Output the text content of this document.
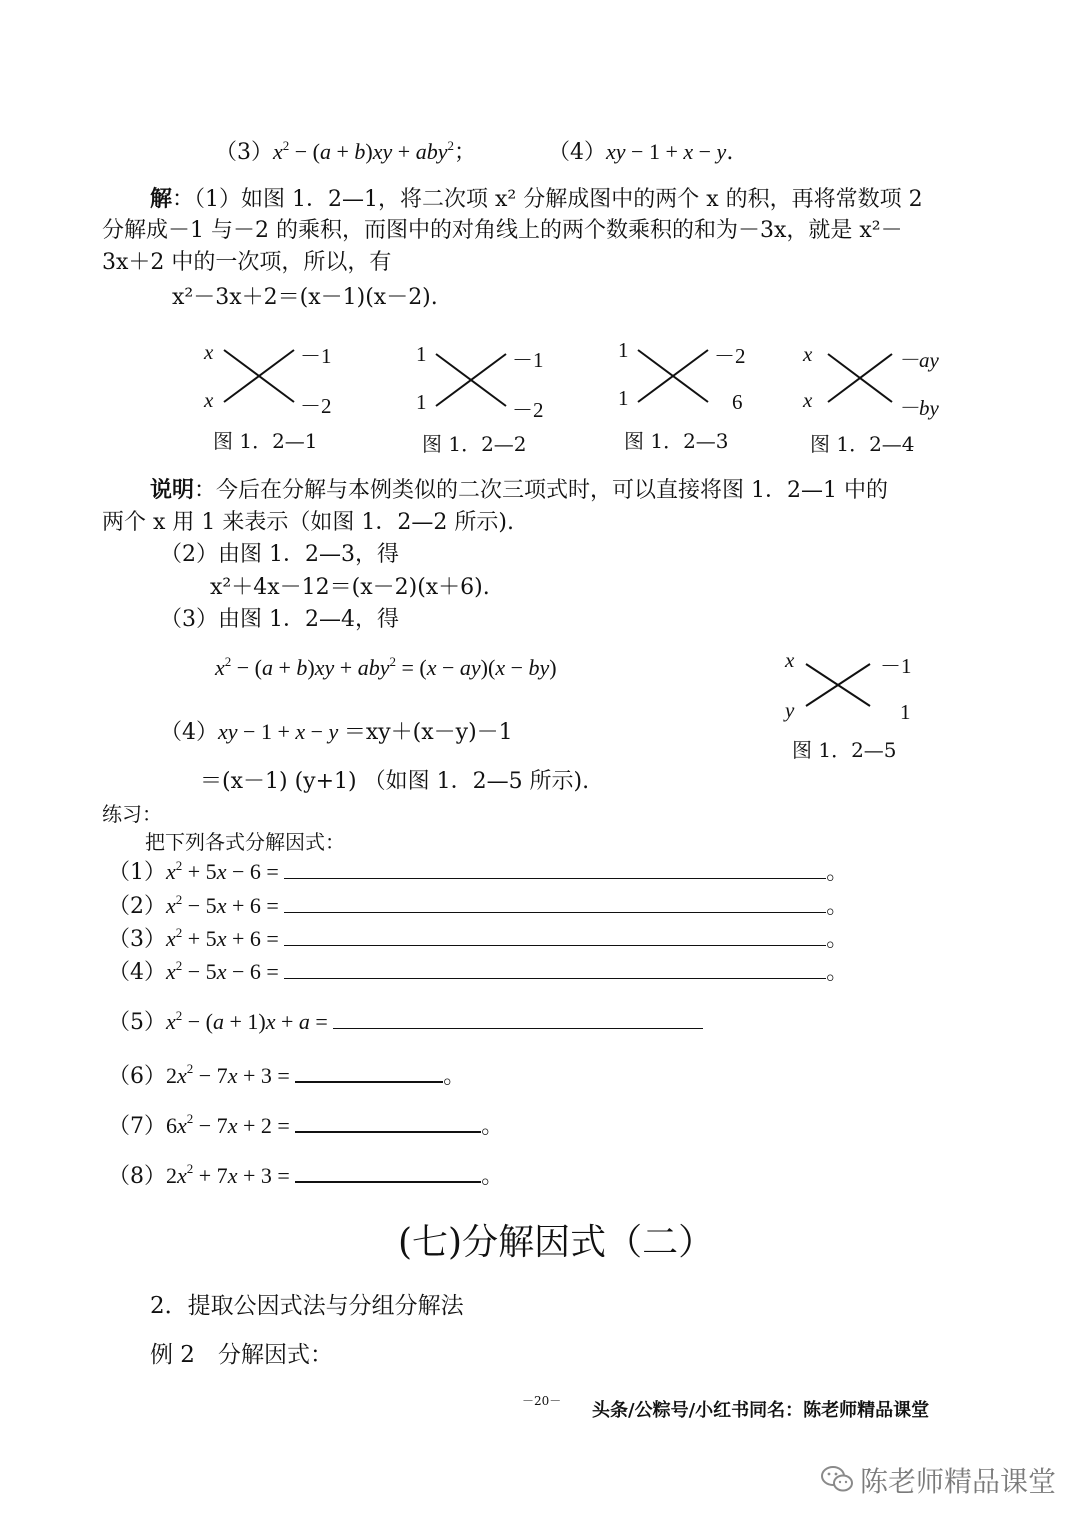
$(3)x^2 - (a + b)xy + aby^2$；	（4）xy − 1 + x − y.
解：（1）如图 1．2—1，将二次项 x² 分解成图中的两个 x 的积，再将常数项 2
分解成－1 与－2 的乘积，而图中的对角线上的两个数乘积的和为－3x，就是 x²－
3x＋2 中的一次项，所以，有
x²－3x＋2＝(x－1)(x－2).
x	－1
x	－2
图 1．2—1
1	－1
1	－2
图 1．2—2
1	－2
1	6
图 1．2—3
x	－ay
x	－by
图 1．2—4
说明：今后在分解与本例类似的二次三项式时，可以直接将图 1．2—1 中的
两个 x 用 1 来表示（如图 1．2—2 所示).
（2）由图 1．2—3，得
x²＋4x－12＝(x－2)(x＋6).
（3）由图 1．2—4，得
$x^2 - (a + b)xy + aby^2 = (x - ay)(x - by)$	x	－1
y	1
图 1．2—5
（4）xy − 1 + x − y ＝xy＋(x－y)－1
＝(x－1) (y+1) （如图 1．2—5 所示).
练习：
把下列各式分解因式：
$(1)x^2 + 5x - 6$ =	。
$(2)x^2 - 5x + 6$ =	。
$(3)x^2 + 5x + 6$ =	。
$(4)x^2 - 5x - 6$ =	。
$(5)x^2 - (a + 1)x + a$ =
$(6)2x^2 - 7x + 3$ =	。
$(7)6x^2 - 7x + 2$ =	。
$(8)2x^2 + 7x + 3$ =	。
(七)分解因式（二）
2．提取公因式法与分组分解法
例 2　分解因式：
－20－ 头条/公粽号/小红书同名：陈老师精品课堂
陈老师精品课堂
